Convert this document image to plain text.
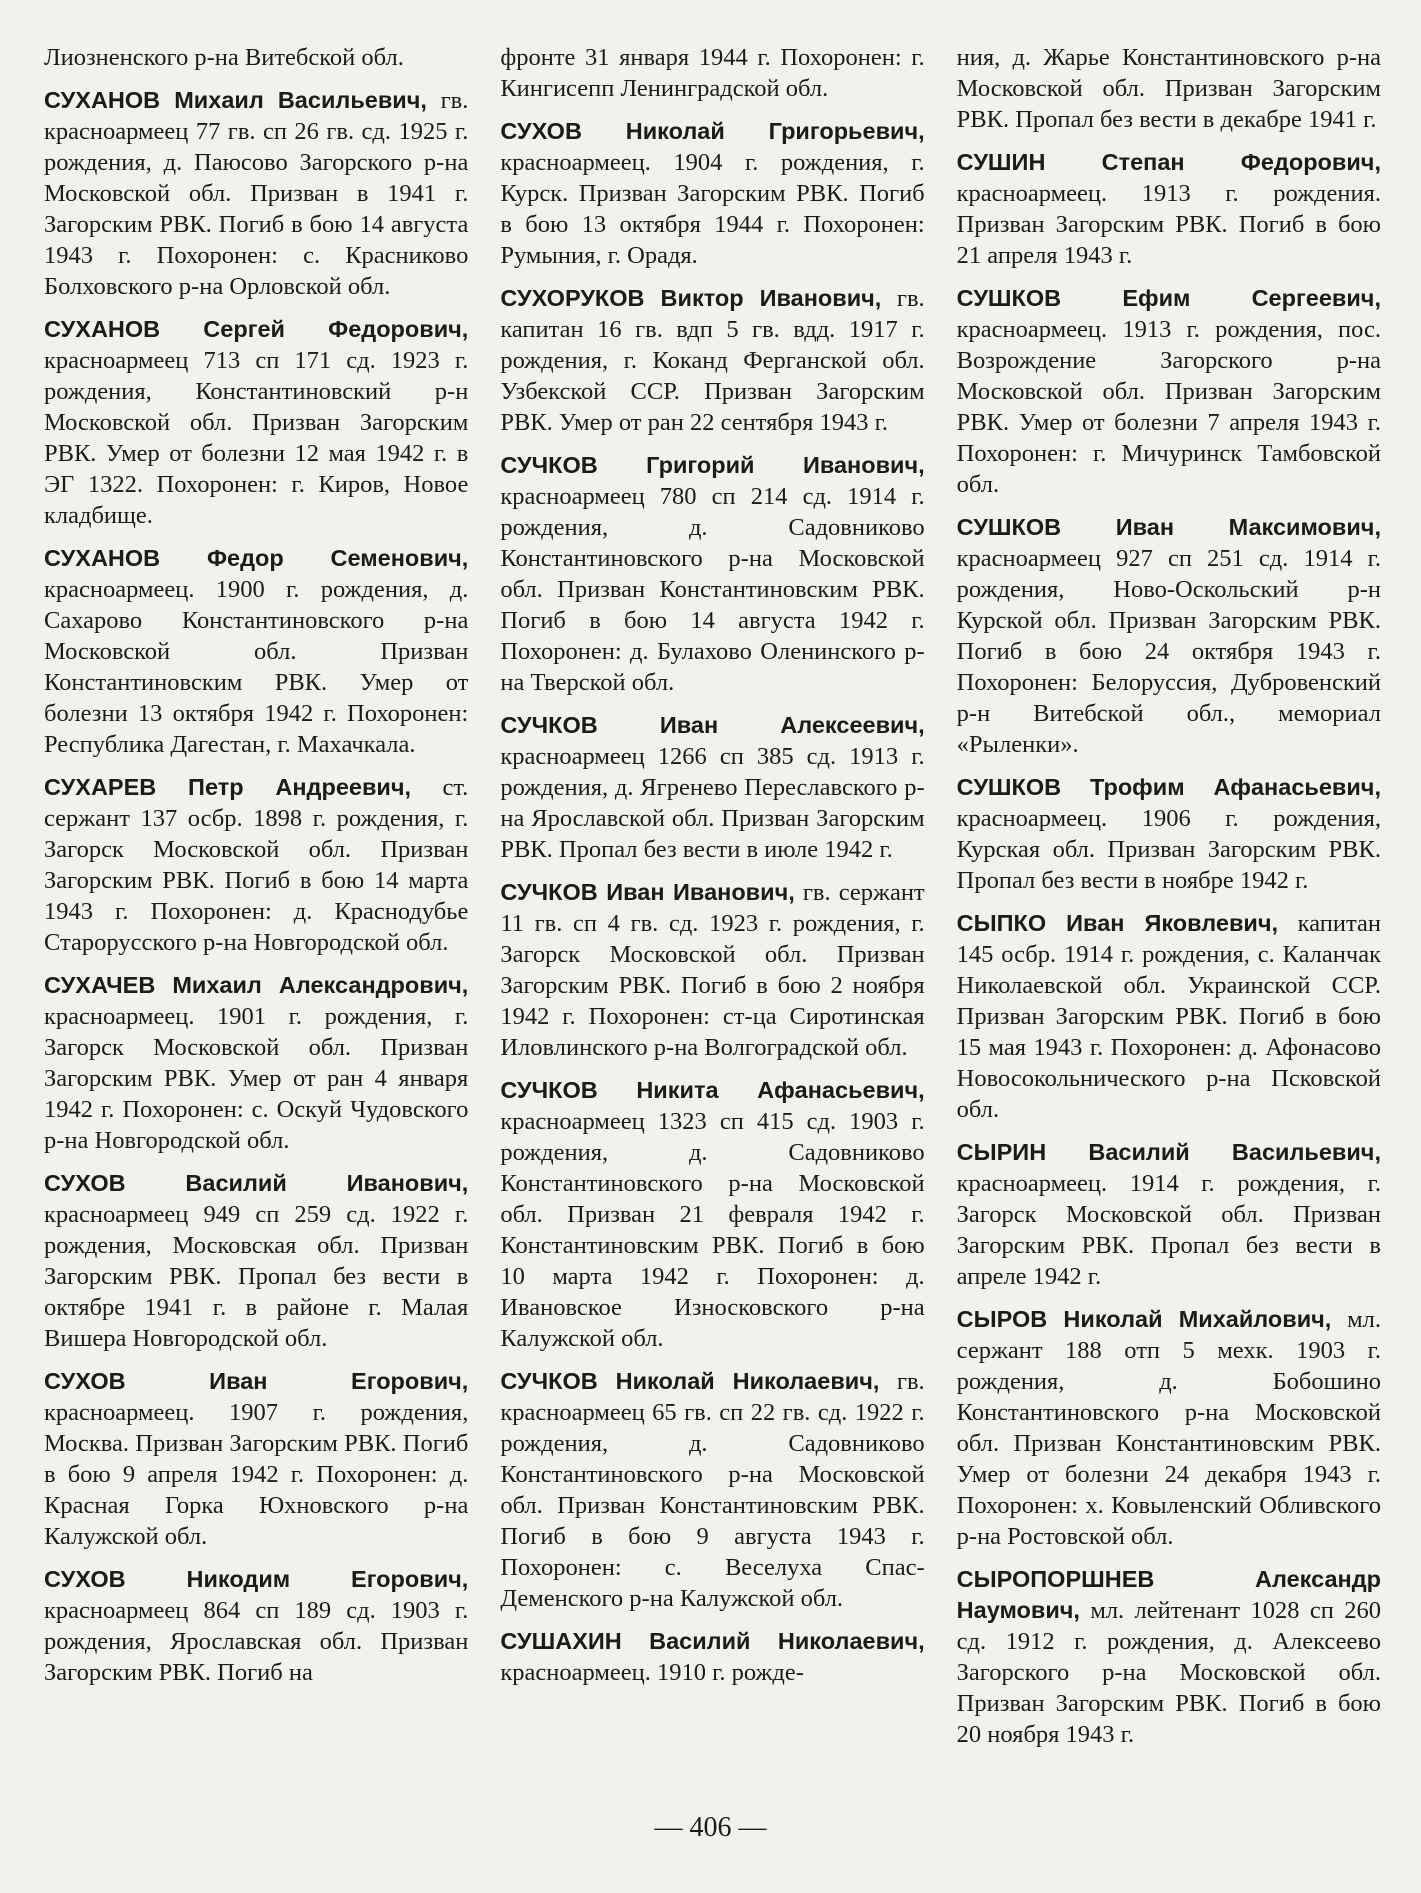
Лиозненского р-на Витебской обл.

СУХАНОВ Михаил Васильевич, гв. красноармеец 77 гв. сп 26 гв. сд. 1925 г. рождения, д. Паюсово Загорского р-на Московской обл. Призван в 1941 г. Загорским РВК. Погиб в бою 14 августа 1943 г. Похоронен: с. Красниково Болховского р-на Орловской обл.

СУХАНОВ Сергей Федорович, красноармеец 713 сп 171 сд. 1923 г. рождения, Константиновский р-н Московской обл. Призван Загорским РВК. Умер от болезни 12 мая 1942 г. в ЭГ 1322. Похоронен: г. Киров, Новое кладбище.

СУХАНОВ Федор Семенович, красноармеец. 1900 г. рождения, д. Сахарово Константиновского р-на Московской обл. Призван Константиновским РВК. Умер от болезни 13 октября 1942 г. Похоронен: Республика Дагестан, г. Махачкала.

СУХАРЕВ Петр Андреевич, ст. сержант 137 осбр. 1898 г. рождения, г. Загорск Московской обл. Призван Загорским РВК. Погиб в бою 14 марта 1943 г. Похоронен: д. Краснодубье Старорусского р-на Новгородской обл.

СУХАЧЕВ Михаил Александрович, красноармеец. 1901 г. рождения, г. Загорск Московской обл. Призван Загорским РВК. Умер от ран 4 января 1942 г. Похоронен: с. Оскуй Чудовского р-на Новгородской обл.

СУХОВ Василий Иванович, красноармеец 949 сп 259 сд. 1922 г. рождения, Московская обл. Призван Загорским РВК. Пропал без вести в октябре 1941 г. в районе г. Малая Вишера Новгородской обл.

СУХОВ Иван Егорович, красноармеец. 1907 г. рождения, Москва. Призван Загорским РВК. Погиб в бою 9 апреля 1942 г. Похоронен: д. Красная Горка Юхновского р-на Калужской обл.

СУХОВ Никодим Егорович, красноармеец 864 сп 189 сд. 1903 г. рождения, Ярославская обл. Призван Загорским РВК. Погиб на

фронте 31 января 1944 г. Похоронен: г. Кингисепп Ленинградской обл.

СУХОВ Николай Григорьевич, красноармеец. 1904 г. рождения, г. Курск. Призван Загорским РВК. Погиб в бою 13 октября 1944 г. Похоронен: Румыния, г. Орадя.

СУХОРУКОВ Виктор Иванович, гв. капитан 16 гв. вдп 5 гв. вдд. 1917 г. рождения, г. Коканд Ферганской обл. Узбекской ССР. Призван Загорским РВК. Умер от ран 22 сентября 1943 г.

СУЧКОВ Григорий Иванович, красноармеец 780 сп 214 сд. 1914 г. рождения, д. Садовниково Константиновского р-на Московской обл. Призван Константиновским РВК. Погиб в бою 14 августа 1942 г. Похоронен: д. Булахово Оленинского р-на Тверской обл.

СУЧКОВ Иван Алексеевич, красноармеец 1266 сп 385 сд. 1913 г. рождения, д. Ягренево Переславского р-на Ярославской обл. Призван Загорским РВК. Пропал без вести в июле 1942 г.

СУЧКОВ Иван Иванович, гв. сержант 11 гв. сп 4 гв. сд. 1923 г. рождения, г. Загорск Московской обл. Призван Загорским РВК. Погиб в бою 2 ноября 1942 г. Похоронен: ст-ца Сиротинская Иловлинского р-на Волгоградской обл.

СУЧКОВ Никита Афанасьевич, красноармеец 1323 сп 415 сд. 1903 г. рождения, д. Садовниково Константиновского р-на Московской обл. Призван 21 февраля 1942 г. Константиновским РВК. Погиб в бою 10 марта 1942 г. Похоронен: д. Ивановское Износковского р-на Калужской обл.

СУЧКОВ Николай Николаевич, гв. красноармеец 65 гв. сп 22 гв. сд. 1922 г. рождения, д. Садовниково Константиновского р-на Московской обл. Призван Константиновским РВК. Погиб в бою 9 августа 1943 г. Похоронен: с. Веселуха Спас-Деменского р-на Калужской обл.

СУШАХИН Василий Николаевич, красноармеец. 1910 г. рожде-

ния, д. Жарье Константиновского р-на Московской обл. Призван Загорским РВК. Пропал без вести в декабре 1941 г.

СУШИН Степан Федорович, красноармеец. 1913 г. рождения. Призван Загорским РВК. Погиб в бою 21 апреля 1943 г.

СУШКОВ Ефим Сергеевич, красноармеец. 1913 г. рождения, пос. Возрождение Загорского р-на Московской обл. Призван Загорским РВК. Умер от болезни 7 апреля 1943 г. Похоронен: г. Мичуринск Тамбовской обл.

СУШКОВ Иван Максимович, красноармеец 927 сп 251 сд. 1914 г. рождения, Ново-Оскольский р-н Курской обл. Призван Загорским РВК. Погиб в бою 24 октября 1943 г. Похоронен: Белоруссия, Дубровенский р-н Витебской обл., мемориал «Рыленки».

СУШКОВ Трофим Афанасьевич, красноармеец. 1906 г. рождения, Курская обл. Призван Загорским РВК. Пропал без вести в ноябре 1942 г.

СЫПКО Иван Яковлевич, капитан 145 осбр. 1914 г. рождения, с. Каланчак Николаевской обл. Украинской ССР. Призван Загорским РВК. Погиб в бою 15 мая 1943 г. Похоронен: д. Афонасово Новосокольнического р-на Псковской обл.

СЫРИН Василий Васильевич, красноармеец. 1914 г. рождения, г. Загорск Московской обл. Призван Загорским РВК. Пропал без вести в апреле 1942 г.

СЫРОВ Николай Михайлович, мл. сержант 188 отп 5 мехк. 1903 г. рождения, д. Бобошино Константиновского р-на Московской обл. Призван Константиновским РВК. Умер от болезни 24 декабря 1943 г. Похоронен: х. Ковыленский Обливского р-на Ростовской обл.

СЫРОПОРШНЕВ Александр Наумович, мл. лейтенант 1028 сп 260 сд. 1912 г. рождения, д. Алексеево Загорского р-на Московской обл. Призван Загорским РВК. Погиб в бою 20 ноября 1943 г.

— 406 —
